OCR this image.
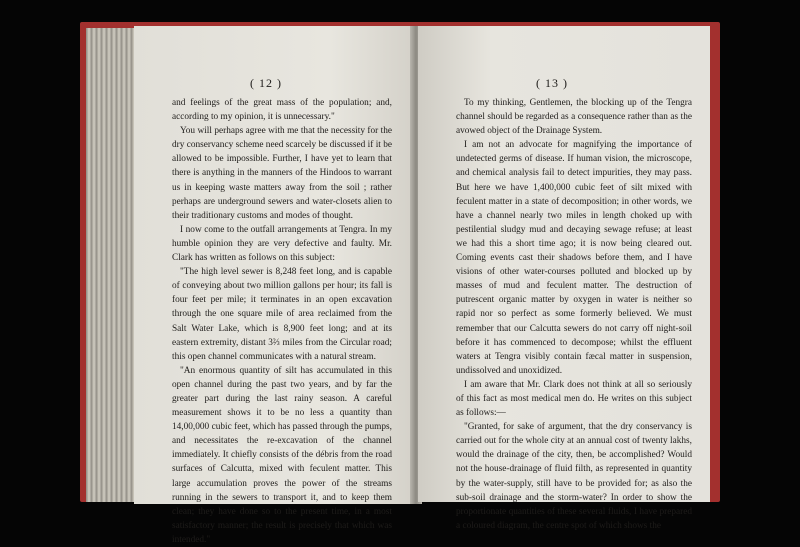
( 12 )

and feelings of the great mass of the population; and, according to my opinion, it is unnecessary."

You will perhaps agree with me that the necessity for the dry conservancy scheme need scarcely be discussed if it be allowed to be impossible. Further, I have yet to learn that there is anything in the manners of the Hindoos to warrant us in keeping waste matters away from the soil ; rather perhaps are underground sewers and water-closets alien to their traditionary customs and modes of thought.

I now come to the outfall arrangements at Tengra. In my humble opinion they are very defective and faulty. Mr. Clark has written as follows on this subject:

"The high level sewer is 8,248 feet long, and is capable of conveying about two million gallons per hour; its fall is four feet per mile; it terminates in an open excavation through the one square mile of area reclaimed from the Salt Water Lake, which is 8,900 feet long; and at its eastern extremity, distant 3⅔ miles from the Circular road; this open channel communicates with a natural stream.

"An enormous quantity of silt has accumulated in this open channel during the past two years, and by far the greater part during the last rainy season. A careful measurement shows it to be no less a quantity than 14,00,000 cubic feet, which has passed through the pumps, and necessitates the re-excavation of the channel immediately. It chiefly consists of the débris from the road surfaces of Calcutta, mixed with feculent matter. This large accumulation proves the power of the streams running in the sewers to transport it, and to keep them clean; they have done so to the present time, in a most satisfactory manner; the result is precisely that which was intended."

( 13 )

To my thinking, Gentlemen, the blocking up of the Tengra channel should be regarded as a consequence rather than as the avowed object of the Drainage System.

I am not an advocate for magnifying the importance of undetected germs of disease. If human vision, the microscope, and chemical analysis fail to detect impurities, they may pass. But here we have 1,400,000 cubic feet of silt mixed with feculent matter in a state of decomposition; in other words, we have a channel nearly two miles in length choked up with pestilential sludgy mud and decaying sewage refuse; at least we had this a short time ago; it is now being cleared out. Coming events cast their shadows before them, and I have visions of other water-courses polluted and blocked up by masses of mud and feculent matter. The destruction of putrescent organic matter by oxygen in water is neither so rapid nor so perfect as some formerly believed. We must remember that our Calcutta sewers do not carry off night-soil before it has commenced to decompose; whilst the effluent waters at Tengra visibly contain fæcal matter in suspension, undissolved and unoxidized.

I am aware that Mr. Clark does not think at all so seriously of this fact as most medical men do. He writes on this subject as follows:—

"Granted, for sake of argument, that the dry conservancy is carried out for the whole city at an annual cost of twenty lakhs, would the drainage of the city, then, be accomplished? Would not the house-drainage of fluid filth, as represented in quantity by the water-supply, still have to be provided for; as also the sub-soil drainage and the storm-water? In order to show the proportionate quantities of these several fluids, I have prepared a coloured diagram, the centre spot of which shows the
